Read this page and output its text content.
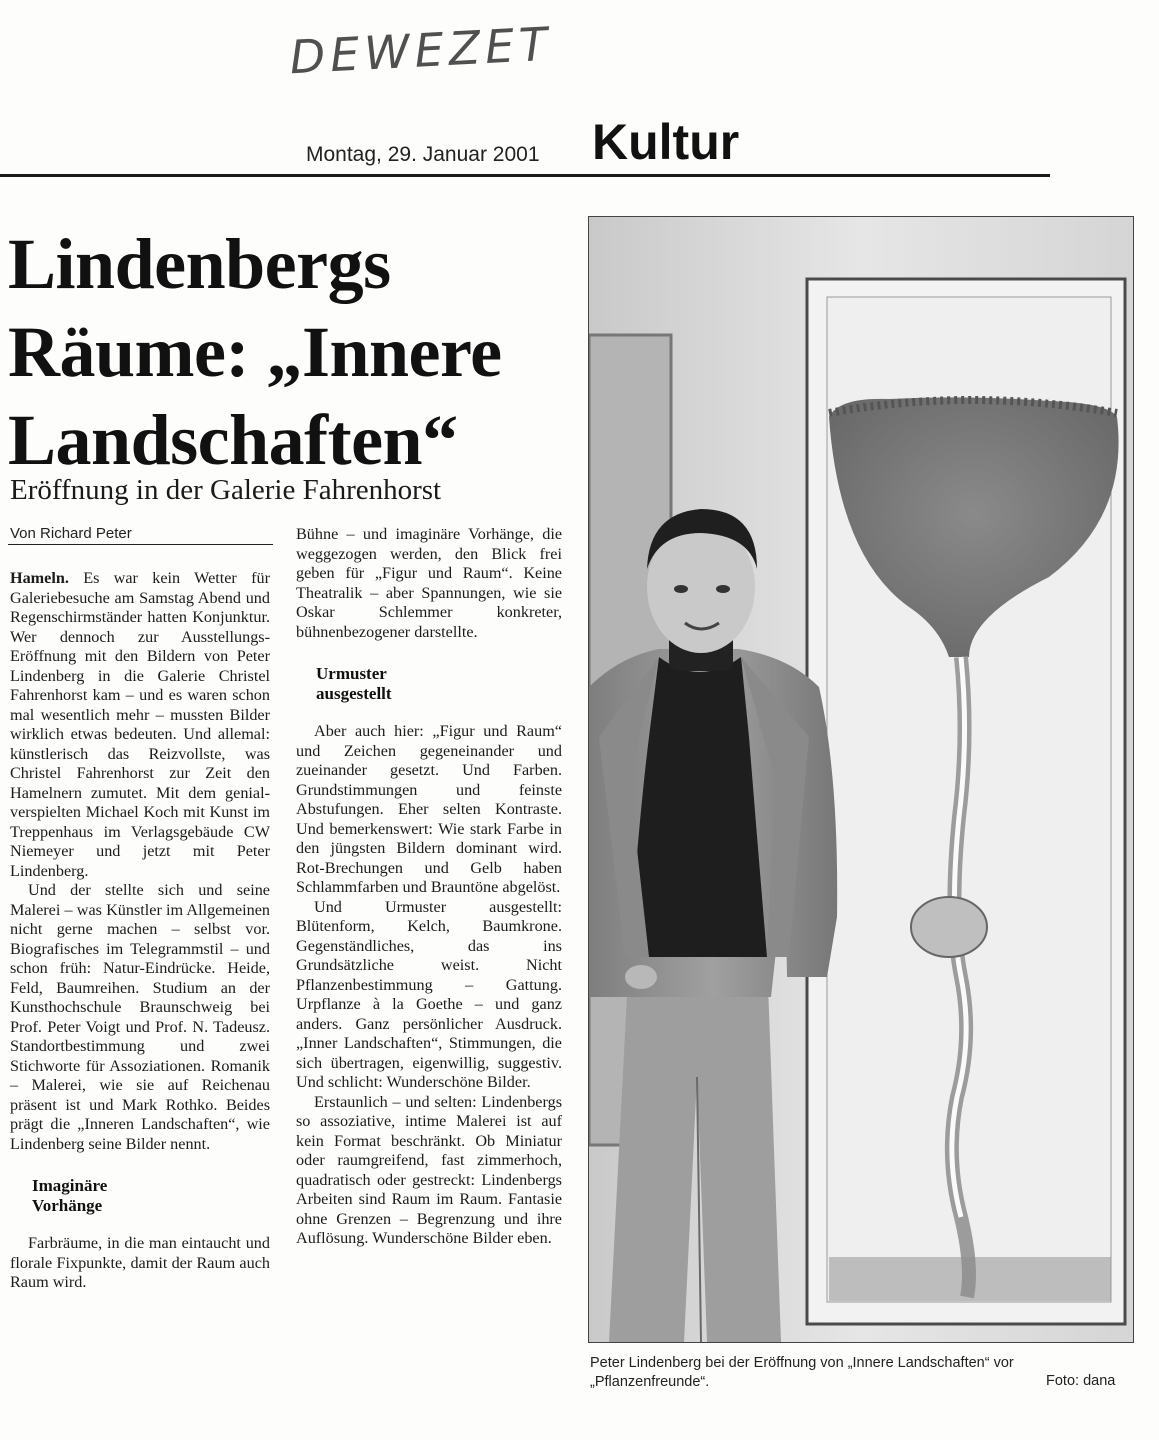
DEWEZET
Montag, 29. Januar 2001 Kultur
Lindenbergs
Räume: „Innere
Landschaften“
Eröffnung in der Galerie Fahrenhorst
Von Richard Peter

Hameln. Es war kein Wetter für Galeriebesuche am Samstag Abend und Regenschirmständer hatten Konjunktur. Wer dennoch zur Ausstellungs-Eröffnung mit den Bildern von Peter Lindenberg in die Galerie Christel Fahrenhorst kam – und es waren schon mal wesentlich mehr – mussten Bilder wirklich etwas bedeuten. Und allemal: künstlerisch das Reizvollste, was Christel Fahrenhorst zur Zeit den Hamelnern zumutet. Mit dem genial-verspielten Michael Koch mit Kunst im Treppenhaus im Verlagsgebäude CW Niemeyer und jetzt mit Peter Lindenberg.

Und der stellte sich und seine Malerei – was Künstler im Allgemeinen nicht gerne machen – selbst vor. Biografisches im Telegrammstil – und schon früh: Natur-Eindrücke. Heide, Feld, Baumreihen. Studium an der Kunsthochschule Braunschweig bei Prof. Peter Voigt und Prof. N. Tadeusz. Standortbestimmung und zwei Stichworte für Assoziationen. Romanik – Malerei, wie sie auf Reichenau präsent ist und Mark Rothko. Beides prägt die „Inneren Landschaften“, wie Lindenberg seine Bilder nennt.

Imaginäre
Vorhänge

Farbräume, in die man eintaucht und florale Fixpunkte, damit der Raum auch Raum wird.

Bühne – und imaginäre Vorhänge, die weggezogen werden, den Blick frei geben für „Figur und Raum“. Keine Theatralik – aber Spannungen, wie sie Oskar Schlemmer konkreter, bühnenbezogener darstellte.

Urmuster
ausgestellt

Aber auch hier: „Figur und Raum“ und Zeichen gegeneinander und zueinander gesetzt. Und Farben. Grundstimmungen und feinste Abstufungen. Eher selten Kontraste. Und bemerkenswert: Wie stark Farbe in den jüngsten Bildern dominant wird. Rot-Brechungen und Gelb haben Schlammfarben und Brauntöne abgelöst.

Und Urmuster ausgestellt: Blütenform, Kelch, Baumkrone. Gegenständliches, das ins Grundsätzliche weist. Nicht Pflanzenbestimmung – Gattung. Urpflanze à la Goethe – und ganz anders. Ganz persönlicher Ausdruck. „Inner Landschaften“, Stimmungen, die sich übertragen, eigenwillig, suggestiv. Und schlicht: Wunderschöne Bilder.

Erstaunlich – und selten: Lindenbergs so assoziative, intime Malerei ist auf kein Format beschränkt. Ob Miniatur oder raumgreifend, fast zimmerhoch, quadratisch oder gestreckt: Lindenbergs Arbeiten sind Raum im Raum. Fantasie ohne Grenzen – Begrenzung und ihre Auflösung. Wunderschöne Bilder eben.

Peter Lindenberg bei der Eröffnung von „Innere Landschaften“ vor „Pflanzenfreunde“.	Foto: dana
